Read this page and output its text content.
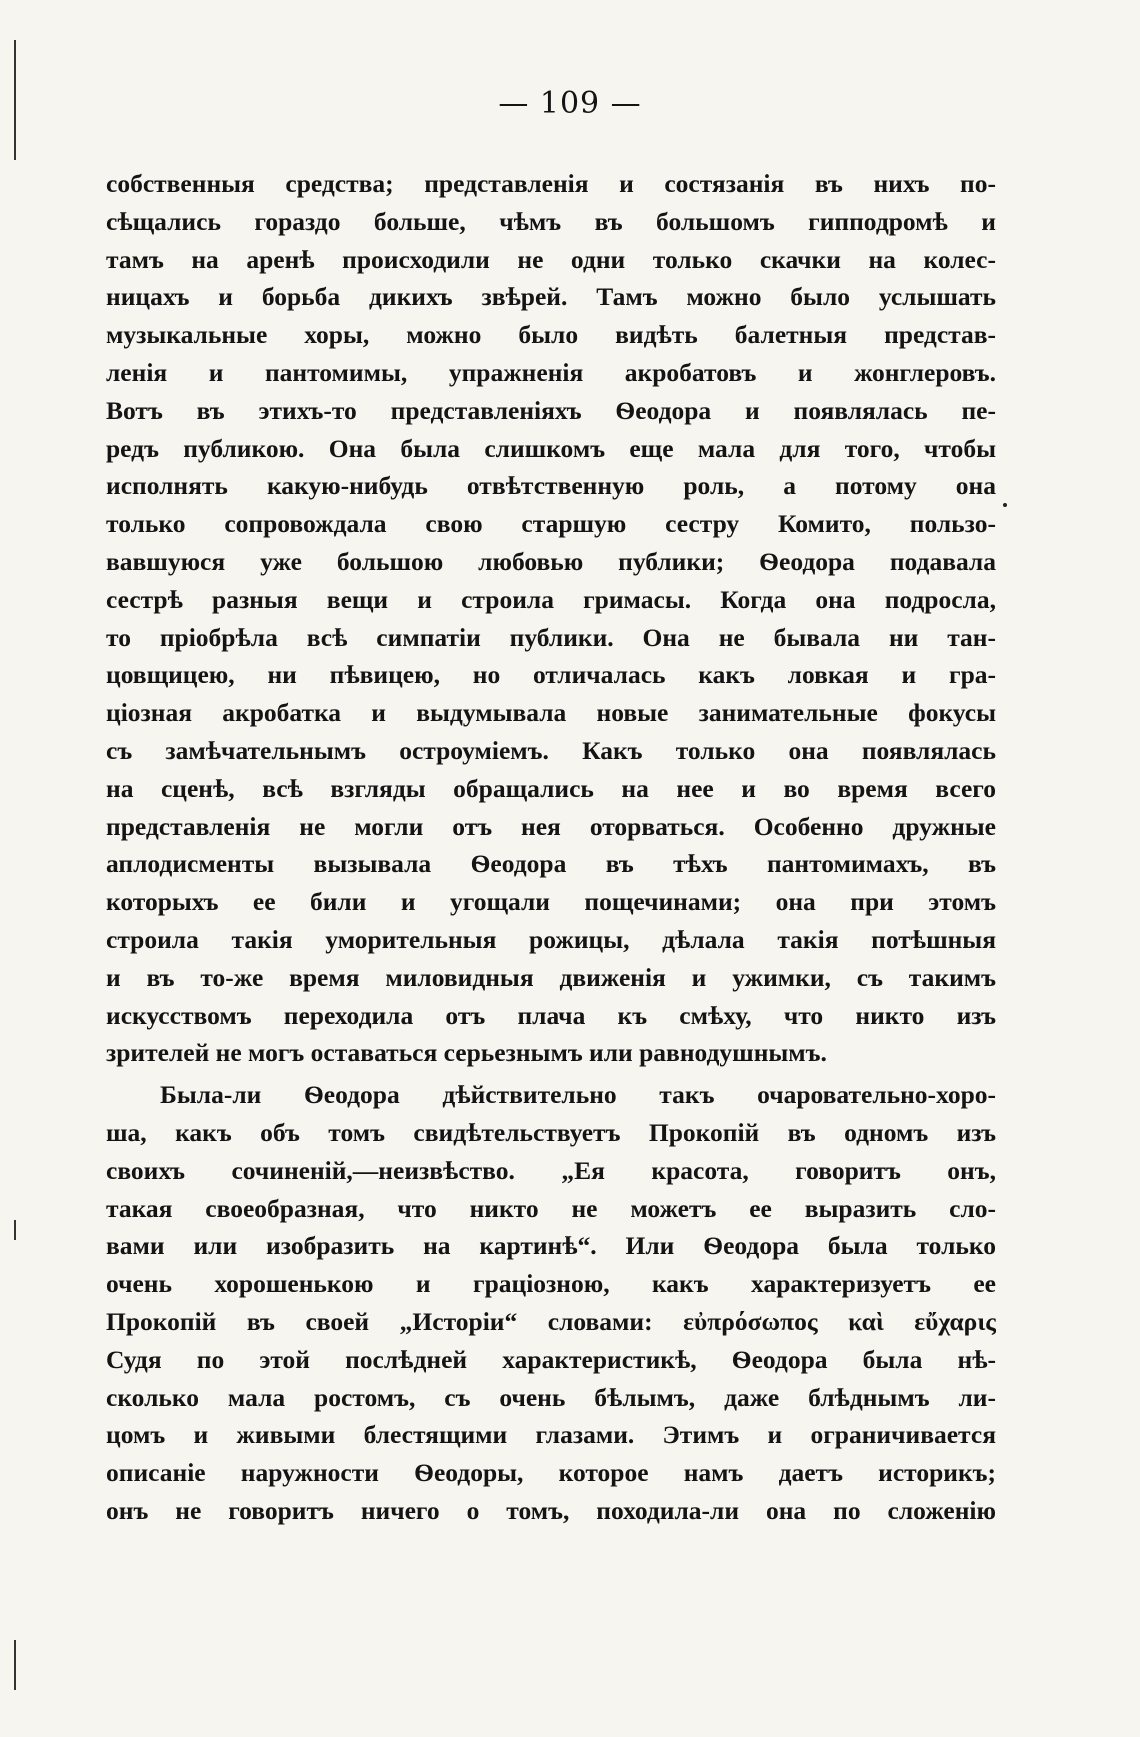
— 109 —
собственныя средства; представленія и состязанія въ нихъ по-
сѣщались гораздо больше, чѣмъ въ большомъ гипподромѣ и
тамъ на аренѣ происходили не одни только скачки на колес-
ницахъ и борьба дикихъ звѣрей. Тамъ можно было услышать
музыкальные хоры, можно было видѣть балетныя представ-
ленія и пантомимы, упражненія акробатовъ и жонглеровъ.
Вотъ въ этихъ-то представленіяхъ Ѳеодора и появлялась пе-
редъ публикою. Она была слишкомъ еще мала для того, чтобы
исполнять какую-нибудь отвѣтственную роль, а потому она
только сопровождала свою старшую сестру Комито, пользо-
вавшуюся уже большою любовью публики; Ѳеодора подавала
сестрѣ разныя вещи и строила гримасы. Когда она подросла,
то пріобрѣла всѣ симпатіи публики. Она не бывала ни тан-
цовщицею, ни пѣвицею, но отличалась какъ ловкая и гра-
ціозная акробатка и выдумывала новые занимательные фокусы
съ замѣчательнымъ остроуміемъ. Какъ только она появлялась
на сценѣ, всѣ взгляды обращались на нее и во время всего
представленія не могли отъ нея оторваться. Особенно дружные
аплодисменты вызывала Ѳеодора въ тѣхъ пантомимахъ, въ
которыхъ ее били и угощали пощечинами; она при этомъ
строила такія уморительныя рожицы, дѣлала такія потѣшныя
и въ то-же время миловидныя движенія и ужимки, съ такимъ
искусствомъ переходила отъ плача къ смѣху, что никто изъ
зрителей не могъ оставаться серьезнымъ или равнодушнымъ.
Была-ли Ѳеодора дѣйствительно такъ очаровательно-хоро-
ша, какъ объ томъ свидѣтельствуетъ Прокопій въ одномъ изъ
своихъ сочиненій,—неизвѣство. „Ея красота, говоритъ онъ,
такая своеобразная, что никто не можетъ ее выразить сло-
вами или изобразить на картинѣ“. Или Ѳеодора была только
очень хорошенькою и граціозною, какъ характеризуетъ ее
Прокопій въ своей „Исторіи“ словами: εὐπρόσωπος καὶ εὔχαρις
Судя по этой послѣдней характеристикѣ, Ѳеодора была нѣ-
сколько мала ростомъ, съ очень бѣлымъ, даже блѣднымъ ли-
цомъ и живыми блестящими глазами. Этимъ и ограничивается
описаніе наружности Ѳеодоры, которое намъ даетъ историкъ;
онъ не говоритъ ничего о томъ, походила-ли она по сложенію
